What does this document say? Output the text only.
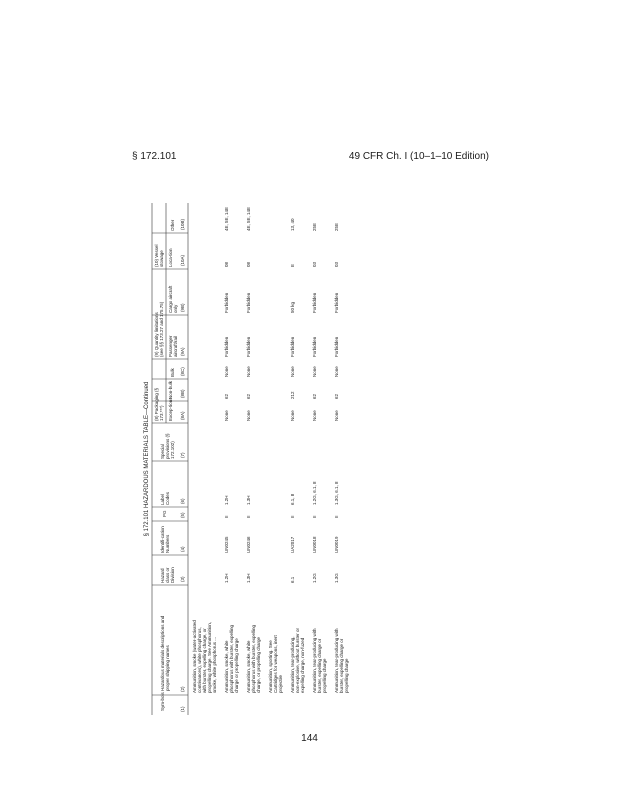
§ 172.101	49 CFR Ch. I (10–1–10 Edition)
§ 172.101 HAZARDOUS MATERIALS TABLE—Continued
Sym-bols
Hazardous materials descriptions andproper shipping names
Hazardclass orDivision
Identifi-cationNumbers
PG
LabelCodes
Specialprovisions (§172.102)
(8) Packaging (§173.***) Excep-tions
Non-bulk
Bulk
(9) Quantity limitations(see §§ 173.27 and 175.75) Passengeraircraft/rail
Cargo aircraftonly
(10) Vesselstowage Loca-tion
Other
(1)
(2)
(3)
(4)
(5)
(6)
(7)
(8A)
(8B)
(8C)
(9A)
(9B)
(10A)
(10B)
Ammunition, smoke (water-activatedcontrivances), white phosphorus,with burster, expelling charge, orpropelling charge. See Ammunition,smoke, white phosphorus ... Ammunition, smoke, whitephosphorus with burster, expellingcharge or propelling charge
1.2H
UN0245
II
1.2H
None
62
None
Forbidden
Forbidden
08
4E, 5E, 14E
Ammunition, smoke, whitephosphorus with burster, expellingcharge, or propelling charge
1.3H
UN0246
II
1.3H
None
62
None
Forbidden
Forbidden
08
4E, 5E, 14E
Ammunition, sporting. SeeCartridges for weapons, inertprojectile Ammunition, tear-producing,non-explosive, without burster orexpelling charge, non-fuzed
6.1
UA2017
II
6.1, 8
None
212
None
Forbidden
50 kg
E
13, 40
Ammunition, tear-producing withburster, expelling charge orpropelling charge
1.2G
UN0018
II
1.2G, 6.1, 8
None
62
None
Forbidden
Forbidden
03
25E
Ammunition, tear-producing withburster, expelling charge orpropelling charge
1.3G
UN0019
II
1.3G, 6.1, 8
None
62
None
Forbidden
Forbidden
03
25E
144
